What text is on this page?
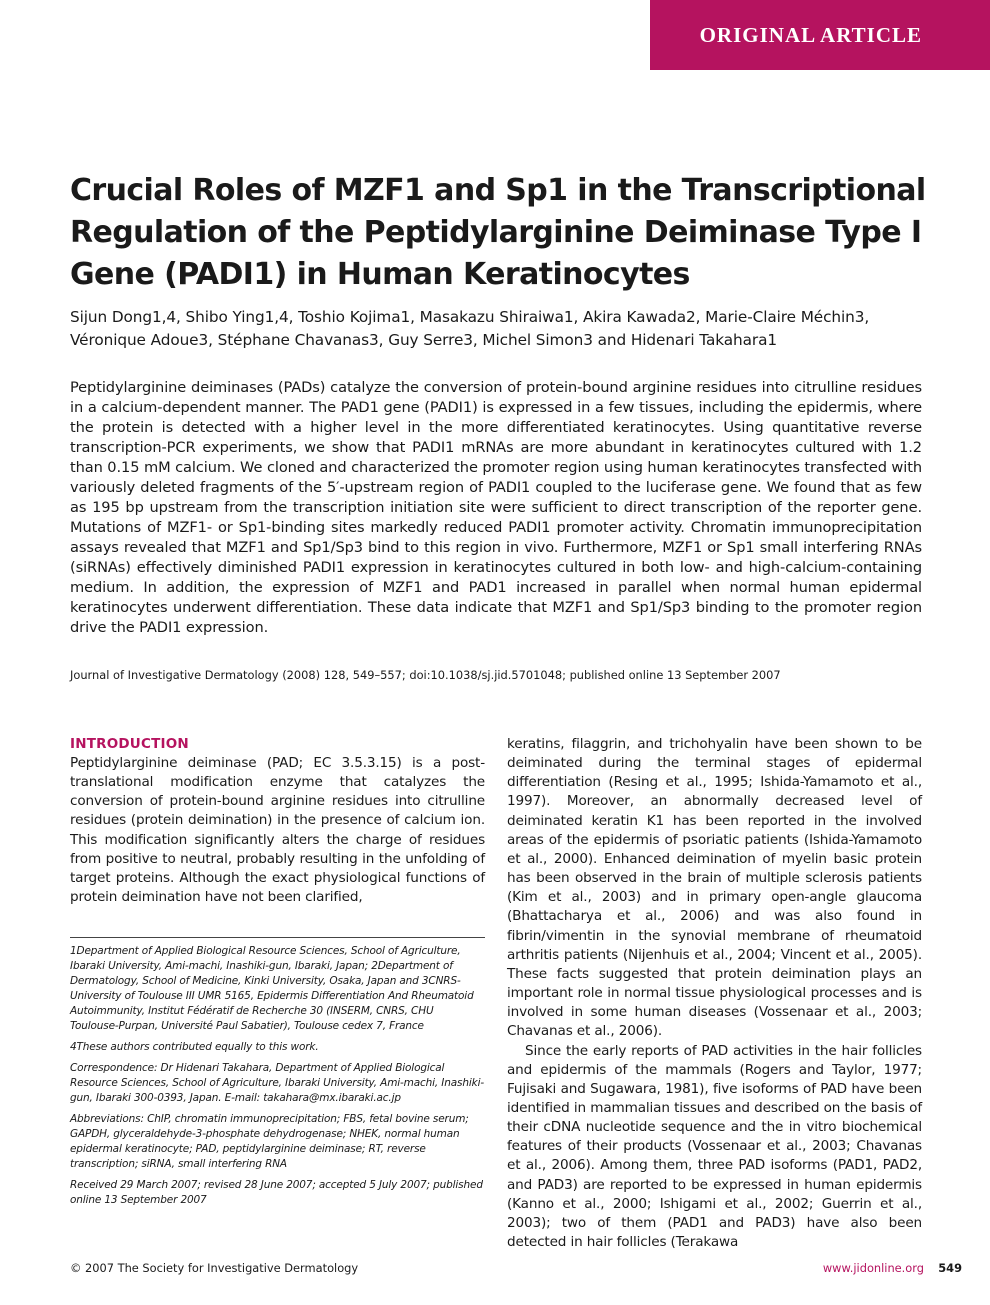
ORIGINAL ARTICLE
Crucial Roles of MZF1 and Sp1 in the Transcriptional Regulation of the Peptidylarginine Deiminase Type I Gene (PADI1) in Human Keratinocytes
Sijun Dong1,4, Shibo Ying1,4, Toshio Kojima1, Masakazu Shiraiwa1, Akira Kawada2, Marie-Claire Méchin3, Véronique Adoue3, Stéphane Chavanas3, Guy Serre3, Michel Simon3 and Hidenari Takahara1

Peptidylarginine deiminases (PADs) catalyze the conversion of protein-bound arginine residues into citrulline residues in a calcium-dependent manner. The PAD1 gene (PADI1) is expressed in a few tissues, including the epidermis, where the protein is detected with a higher level in the more differentiated keratinocytes. Using quantitative reverse transcription-PCR experiments, we show that PADI1 mRNAs are more abundant in keratinocytes cultured with 1.2 than 0.15 mM calcium. We cloned and characterized the promoter region using human keratinocytes transfected with variously deleted fragments of the 5′-upstream region of PADI1 coupled to the luciferase gene. We found that as few as 195 bp upstream from the transcription initiation site were sufficient to direct transcription of the reporter gene. Mutations of MZF1- or Sp1-binding sites markedly reduced PADI1 promoter activity. Chromatin immunoprecipitation assays revealed that MZF1 and Sp1/Sp3 bind to this region in vivo. Furthermore, MZF1 or Sp1 small interfering RNAs (siRNAs) effectively diminished PADI1 expression in keratinocytes cultured in both low- and high-calcium-containing medium. In addition, the expression of MZF1 and PAD1 increased in parallel when normal human epidermal keratinocytes underwent differentiation. These data indicate that MZF1 and Sp1/Sp3 binding to the promoter region drive the PADI1 expression.

Journal of Investigative Dermatology (2008) 128, 549–557; doi:10.1038/sj.jid.5701048; published online 13 September 2007
INTRODUCTION

Peptidylarginine deiminase (PAD; EC 3.5.3.15) is a post-translational modification enzyme that catalyzes the conversion of protein-bound arginine residues into citrulline residues (protein deimination) in the presence of calcium ion. This modification significantly alters the charge of residues from positive to neutral, probably resulting in the unfolding of target proteins. Although the exact physiological functions of protein deimination have not been clarified,

1Department of Applied Biological Resource Sciences, School of Agriculture, Ibaraki University, Ami-machi, Inashiki-gun, Ibaraki, Japan; 2Department of Dermatology, School of Medicine, Kinki University, Osaka, Japan and 3CNRS-University of Toulouse III UMR 5165, Epidermis Differentiation And Rheumatoid Autoimmunity, Institut Fédératif de Recherche 30 (INSERM, CNRS, CHU Toulouse-Purpan, Université Paul Sabatier), Toulouse cedex 7, France

4These authors contributed equally to this work.

Correspondence: Dr Hidenari Takahara, Department of Applied Biological Resource Sciences, School of Agriculture, Ibaraki University, Ami-machi, Inashiki-gun, Ibaraki 300-0393, Japan. E-mail: takahara@mx.ibaraki.ac.jp

Abbreviations: ChIP, chromatin immunoprecipitation; FBS, fetal bovine serum; GAPDH, glyceraldehyde-3-phosphate dehydrogenase; NHEK, normal human epidermal keratinocyte; PAD, peptidylarginine deiminase; RT, reverse transcription; siRNA, small interfering RNA

Received 29 March 2007; revised 28 June 2007; accepted 5 July 2007; published online 13 September 2007

keratins, filaggrin, and trichohyalin have been shown to be deiminated during the terminal stages of epidermal differentiation (Resing et al., 1995; Ishida-Yamamoto et al., 1997). Moreover, an abnormally decreased level of deiminated keratin K1 has been reported in the involved areas of the epidermis of psoriatic patients (Ishida-Yamamoto et al., 2000). Enhanced deimination of myelin basic protein has been observed in the brain of multiple sclerosis patients (Kim et al., 2003) and in primary open-angle glaucoma (Bhattacharya et al., 2006) and was also found in fibrin/vimentin in the synovial membrane of rheumatoid arthritis patients (Nijenhuis et al., 2004; Vincent et al., 2005). These facts suggested that protein deimination plays an important role in normal tissue physiological processes and is involved in some human diseases (Vossenaar et al., 2003; Chavanas et al., 2006).

Since the early reports of PAD activities in the hair follicles and epidermis of the mammals (Rogers and Taylor, 1977; Fujisaki and Sugawara, 1981), five isoforms of PAD have been identified in mammalian tissues and described on the basis of their cDNA nucleotide sequence and the in vitro biochemical features of their products (Vossenaar et al., 2003; Chavanas et al., 2006). Among them, three PAD isoforms (PAD1, PAD2, and PAD3) are reported to be expressed in human epidermis (Kanno et al., 2000; Ishigami et al., 2002; Guerrin et al., 2003); two of them (PAD1 and PAD3) have also been detected in hair follicles (Terakawa

© 2007 The Society for Investigative Dermatology	www.jidonline.org 549
